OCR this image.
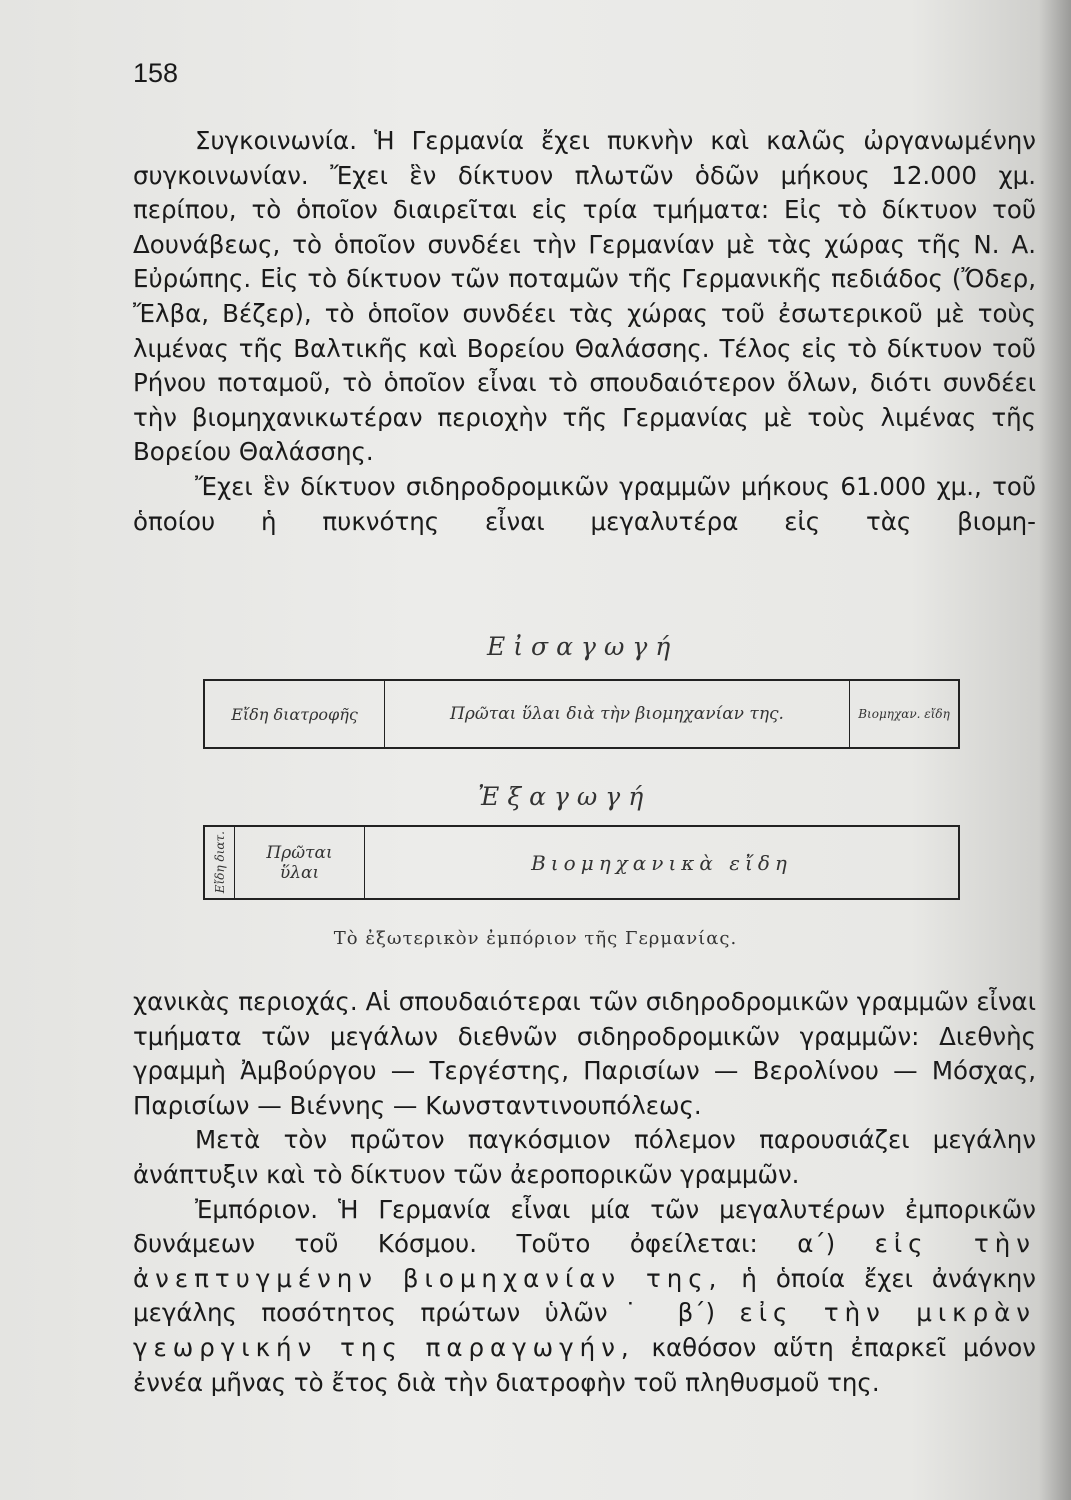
158

Συγκοινωνία. Ἡ Γερμανία ἔχει πυκνὴν καὶ καλῶς ὠργανωμένην συγκοινωνίαν. Ἔχει ἓν δίκτυον πλωτῶν ὁδῶν μήκους 12.000 χμ. περίπου, τὸ ὁποῖον διαιρεῖται εἰς τρία τμήματα: Εἰς τὸ δίκτυον τοῦ Δουνάβεως, τὸ ὁποῖον συνδέει τὴν Γερμανίαν μὲ τὰς χώρας τῆς Ν. Α. Εὐρώπης. Εἰς τὸ δίκτυον τῶν ποταμῶν τῆς Γερμανικῆς πεδιάδος (Ὄδερ, Ἔλβα, Βέζερ), τὸ ὁποῖον συνδέει τὰς χώρας τοῦ ἐσωτερικοῦ μὲ τοὺς λιμένας τῆς Βαλτικῆς καὶ Βορείου Θαλάσσης. Τέλος εἰς τὸ δίκτυον τοῦ Ρήνου ποταμοῦ, τὸ ὁποῖον εἶναι τὸ σπουδαιότερον ὅλων, διότι συνδέει τὴν βιομηχανικωτέραν περιοχὴν τῆς Γερμανίας μὲ τοὺς λιμένας τῆς Βορείου Θαλάσσης.

Ἔχει ἓν δίκτυον σιδηροδρομικῶν γραμμῶν μήκους 61.000 χμ., τοῦ ὁποίου ἡ πυκνότης εἶναι μεγαλυτέρα εἰς τὰς βιομη-

Εἰσαγωγή
Εἴδη διατροφῆς	Πρῶται ὕλαι διὰ τὴν βιομηχανίαν της.	Βιομηχαν. εἴδη
Ἐξαγωγή
Εἴδη διατ.	Πρῶται ὕλαι	Βιομηχανικὰ εἴδη
Τὸ ἐξωτερικὸν ἐμπόριον τῆς Γερμανίας.

χανικὰς περιοχάς. Αἱ σπουδαιότεραι τῶν σιδηροδρομικῶν γραμμῶν εἶναι τμήματα τῶν μεγάλων διεθνῶν σιδηροδρομικῶν γραμμῶν: Διεθνὴς γραμμὴ Ἀμβούργου — Τεργέστης, Παρισίων — Βερολίνου — Μόσχας, Παρισίων — Βιέννης — Κωνσταντινουπόλεως.

Μετὰ τὸν πρῶτον παγκόσμιον πόλεμον παρουσιάζει μεγάλην ἀνάπτυξιν καὶ τὸ δίκτυον τῶν ἀεροπορικῶν γραμμῶν.

Ἐμπόριον. Ἡ Γερμανία εἶναι μία τῶν μεγαλυτέρων ἐμπορικῶν δυνάμεων τοῦ Κόσμου. Τοῦτο ὀφείλεται: α΄) εἰς τὴν ἀνεπτυγμένην βιομηχανίαν της, ἡ ὁποία ἔχει ἀνάγκην μεγάλης ποσότητος πρώτων ὑλῶν˙ β΄) εἰς τὴν μικρὰν γεωργικήν της παραγωγήν, καθόσον αὕτη ἐπαρκεῖ μόνον ἐννέα μῆνας τὸ ἔτος διὰ τὴν διατροφὴν τοῦ πληθυσμοῦ της.
